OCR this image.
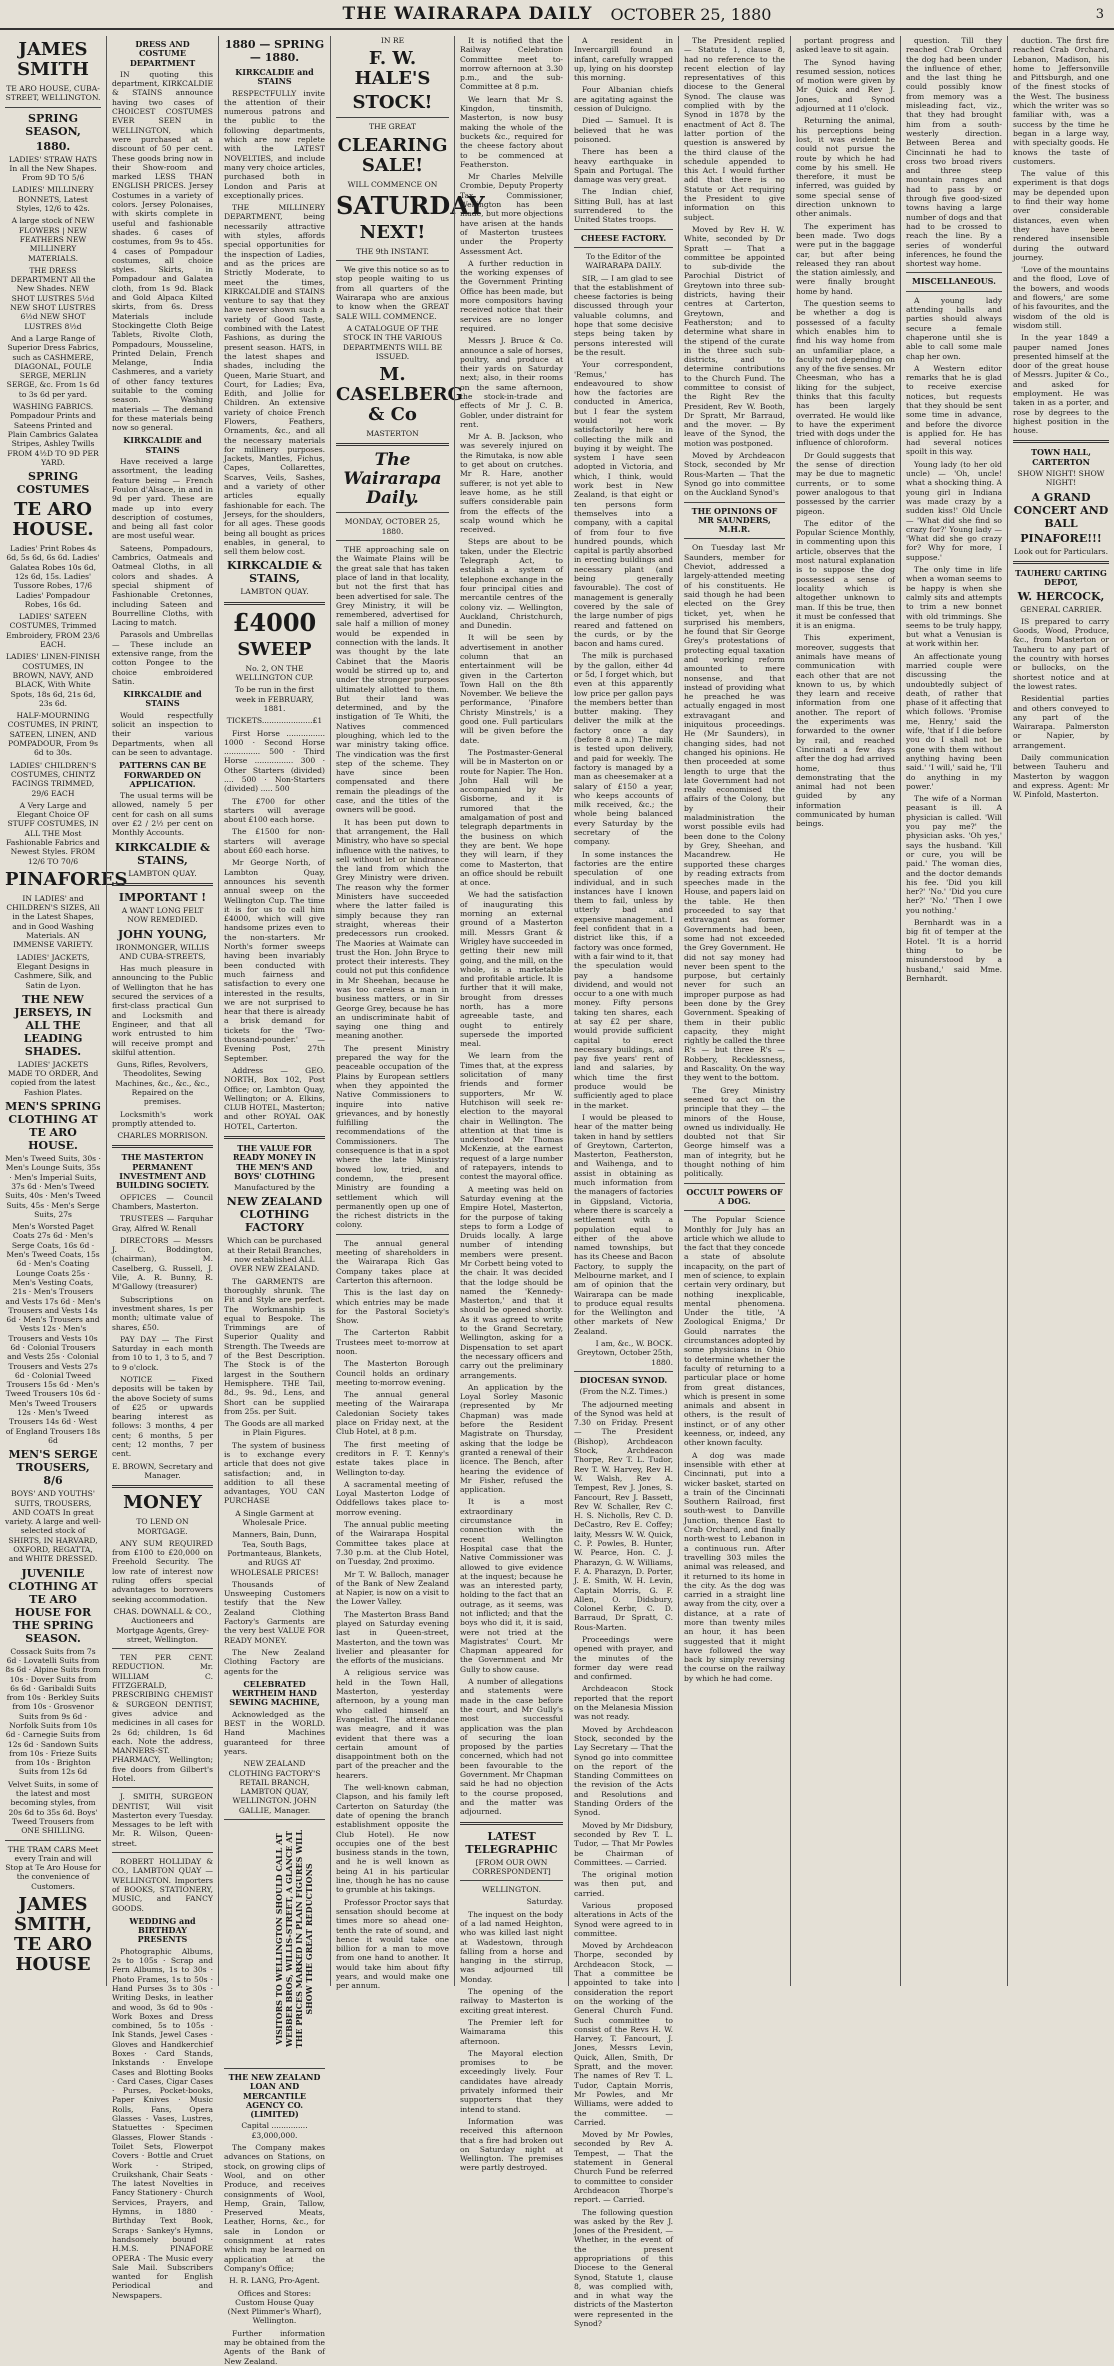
THE WAIRARAPA DAILY OCTOBER 25, 1880	3
JAMES SMITH

TE ARO HOUSE, CUBA-STREET, WELLINGTON.

SPRING SEASON,
1880.

LADIES' STRAW HATS In all the New Shapes. From 9D TO 5/6

LADIES' MILLINERY BONNETS, Latest Styles, 12/6 to 42s.

A large stock of NEW FLOWERS | NEW FEATHERS NEW MILLINERY MATERIALS.

THE DRESS DEPARTMENT All the New Shades. NEW SHOT LUSTRES 5½d NEW SHOT LUSTRES 6½d NEW SHOT LUSTRES 8½d

And a Large Range of Superior Dress Fabrics, such as CASHMERE, DIAGONAL, FOULE SERGE, MERLIN SERGE, &c. From 1s 6d to 3s 6d per yard.

WASHING FABRICS. Pompadour Prints and Sateens Printed and Plain Cambrics Galatea Stripes, Ashley Twills FROM 4½D TO 9D PER YARD.

SPRING COSTUMES
TE ARO HOUSE.

Ladies' Print Robes 4s 6d, 5s 6d, 6s 6d. Ladies' Galatea Robes 10s 6d, 12s 6d, 15s. Ladies' Tussore Robes, 17/6 Ladies' Pompadour Robes, 16s 6d.

LADIES' SATEEN COSTUMES, Trimmed Embroidery, FROM 23/6 EACH.

LADIES' LINEN-FINISH COSTUMES, IN BROWN, NAVY, AND BLACK, With White Spots, 18s 6d, 21s 6d, 23s 6d.

HALF-MOURNING COSTUMES, IN PRINT, SATEEN, LINEN, AND POMPADOUR, From 9s 6d to 30s.

LADIES' CHILDREN'S COSTUMES, CHINTZ FACINGS TRIMMED, 29/6 EACH

A Very Large and Elegant Choice OF STUFF COSTUMES, IN ALL THE Most Fashionable Fabrics and Newest Styles. FROM 12/6 TO 70/6

PINAFORES

IN LADIES' and CHILDREN'S SIZES, All in the Latest Shapes, and in Good Washing Materials. AN IMMENSE VARIETY.

LADIES' JACKETS, Elegant Designs in Cashmere, Silk, and Satin de Lyon.

THE NEW JERSEYS, IN ALL THE LEADING SHADES.

LADIES' JACKETS MADE TO ORDER, And copied from the latest Fashion Plates.

MEN'S SPRING CLOTHING AT TE ARO HOUSE.

Men's Tweed Suits, 30s · Men's Lounge Suits, 35s · Men's Imperial Suits, 37s 6d · Men's Tweed Suits, 40s · Men's Tweed Suits, 45s · Men's Serge Suits, 27s

Men's Worsted Paget Coats 27s 6d · Men's Serge Coats, 16s 6d · Men's Tweed Coats, 15s 6d · Men's Coating Lounge Coats 25s · Men's Vesting Coats, 21s · Men's Trousers and Vests 17s 6d · Men's Trousers and Vests 14s 6d · Men's Trousers and Vests 12s · Men's Trousers and Vests 10s 6d · Colonial Trousers and Vests 25s · Colonial Trousers and Vests 27s 6d · Colonial Tweed Trousers 15s 6d · Men's Tweed Trousers 10s 6d · Men's Tweed Trousers 12s · Men's Tweed Trousers 14s 6d · West of England Trousers 18s 6d

MEN'S SERGE TROUSERS, 8/6

BOYS' AND YOUTHS' SUITS, TROUSERS, AND COATS In great variety. A large and well-selected stock of SHIRTS, IN HARVARD, OXFORD, REGATTA, and WHITE DRESSED.

JUVENILE CLOTHING AT TE ARO HOUSE FOR THE SPRING SEASON.

Cossack Suits from 7s 6d · Lovatelli Suits from 8s 6d · Alpine Suits from 10s · Dover Suits from 6s 6d · Garibaldi Suits from 10s · Berkley Suits from 10s · Grosvenor Suits from 9s 6d · Norfolk Suits from 10s 6d · Carnegie Suits from 12s 6d · Sandown Suits from 10s · Frieze Suits from 10s · Brighton Suits from 12s 6d

Velvet Suits, in some of the latest and most becoming styles, from 20s 6d to 35s 6d. Boys' Tweed Trousers from ONE SHILLING.

THE TRAM CARS Meet every Train and will Stop at Te Aro House for the convenience of Customers.

JAMES SMITH, TE ARO HOUSE
DRESS AND COSTUME DEPARTMENT

IN quoting this department, KIRKCALDIE & STAINS announce having two cases of CHOICEST COSTUMES EVER SEEN in WELLINGTON, which were purchased at a discount of 50 per cent. These goods bring now in their Show-room and marked LESS THAN ENGLISH PRICES. Jersey Costumes in a variety of colors. Jersey Polonaises, with skirts complete in useful and fashionable shades. 6 cases of costumes, from 9s to 45s. 4 cases of Pompadour costumes, all choice styles. Skirts, in Pompadour and Galatea cloth, from 1s 9d. Black and Gold Alpaca Kilted skirts, from 6s. Dress Materials include Stockingette Cloth Beige Tablets, Rivolte Cloth, Pompadours, Mousseline, Printed Delain, French Melange, India Cashmeres, and a variety of other fancy textures suitable to the coming season. Washing materials — The demand for these materials being now so general.

KIRKCALDIE and STAINS

Have received a large assortment, the leading feature being — French Foulon d'Alsace, in and in 9d per yard. These are made up into every description of costumes, and being all fast color are most useful wear.

Sateens, Pompadours, Cambrics, Oatmeals and Oatmeal Cloths, in all colors and shades. A special shipment of Fashionable Cretonnes, including Sateen and Bourrelline Cloths, with Lacing to match.

Parasols and Umbrellas — These include an extensive range, from the cotton Pongee to the choice embroidered Satin.

KIRKCALDIE and STAINS

Would respectfully solicit an inspection to their various Departments, when all can be seen to advantage.

PATTERNS CAN BE FORWARDED ON APPLICATION.

The usual terms will be allowed, namely 5 per cent for cash on all sums over £2 / 2½ per cent on Monthly Accounts.

KIRKCALDIE & STAINS,

LAMBTON QUAY.

IMPORTANT !

A WANT LONG FELT NOW REMEDIED.

JOHN YOUNG,

IRONMONGER, WILLIS AND CUBA-STREETS,

Has much pleasure in announcing to the Public of Wellington that he has secured the services of a first-class practical Gun and Locksmith and Engineer, and that all work entrusted to him will receive prompt and skilful attention.

Guns, Rifles, Revolvers, Theodolites, Sewing Machines, &c., &c., &c., Repaired on the premises.

Locksmith's work promptly attended to.

CHARLES MORRISON.

THE MASTERTON PERMANENT INVESTMENT AND BUILDING SOCIETY.

OFFICES — Council Chambers, Masterton.

TRUSTEES — Farquhar Gray, Alfred W. Renall

DIRECTORS — Messrs J. C. Boddington, (chairman), M. Caselberg, G. Russell, J. Vile, A. R. Bunny, R. M'Gallowy (treasurer)

Subscriptions on investment shares, 1s per month; ultimate value of shares, £50.

PAY DAY — The First Saturday in each month from 10 to 1, 3 to 5, and 7 to 9 o'clock.

NOTICE — Fixed deposits will be taken by the above Society of sums of £25 or upwards bearing interest as follows: 3 months, 4 per cent; 6 months, 5 per cent; 12 months, 7 per cent.

E. BROWN, Secretary and Manager.

MONEY

TO LEND ON MORTGAGE.

ANY SUM REQUIRED from £100 to £20,000 on Freehold Security. The low rate of interest now ruling offers special advantages to borrowers seeking accommodation.

CHAS. DOWNALL & CO., Auctioneers and Mortgage Agents, Grey-street, Wellington.

TEN PER CENT. REDUCTION. Mr. WILLIAM C. FITZGERALD, PRESCRIBING CHEMIST & SURGEON DENTIST, gives advice and medicines in all cases for 2s 6d; children, 1s 6d each. Note the address, MANNERS-ST. PHARMACY, Wellington; five doors from Gilbert's Hotel.

J. SMITH, SURGEON DENTIST, Will visit Masterton every Tuesday. Messages to be left with Mr. R. Wilson, Queen-street.

ROBERT HOLLIDAY & CO., LAMBTON QUAY — WELLINGTON. Importers of BOOKS, STATIONERY, MUSIC, and FANCY GOODS.

WEDDING and BIRTHDAY PRESENTS

Photographic Albums, 2s to 105s · Scrap and Fern Albums, 1s to 30s · Photo Frames, 1s to 50s · Hand Purses 3s to 30s · Writing Desks, in leather and wood, 3s 6d to 90s · Work Boxes and Dress combined, 5s to 105s · Ink Stands, Jewel Cases · Gloves and Handkerchief Boxes · Card Stands, Inkstands · Envelope Cases and Blotting Books · Card Cases, Cigar Cases · Purses, Pocket-books, Paper Knives · Music Rolls, Fans, Opera Glasses · Vases, Lustres, Statuettes · Specimen Glasses, Flower Stands · Toilet Sets, Flowerpot Covers · Bottle and Cruet Work · Striped, Cruikshank, Chair Seats · The latest Novelties in Fancy Stationery · Church Services, Prayers, and Hymns, in 1880 · Birthday Text Book, Scraps · Sankey's Hymns, handsomely bound · H.M.S. PINAFORE OPERA · The Music every Sale Mail. Subscribers wanted for English Periodical and Newspapers.

1880 — SPRING — 1880.
KIRKCALDIE and STAINS

RESPECTFULLY invite the attention of their numerous patrons and the public to the following departments, which are now replete with the LATEST NOVELTIES, and include many very choice articles, purchased both in London and Paris at exceptionally prices.

THE MILLINERY DEPARTMENT, being necessarily attractive with styles, affords special opportunities for the inspection of Ladies, and as the prices are Strictly Moderate, to meet the times, KIRKCALDIE and STAINS venture to say that they have never shown such a variety of Good Taste, combined with the Latest Fashions, as during the present season. HATS, in the latest shapes and shades, including the Queen, Marie Stuart, and Court, for Ladies; Eva, Edith, and Jollie for Children. An extensive variety of choice French Flowers, Feathers, Ornaments, &c., and all the necessary materials for millinery purposes. Jackets, Mantles, Fichus, Capes, Collarettes, Scarves, Veils, Sashes, and a variety of other articles equally fashionable for each. The Jerseys, for the shoulders, for all ages. These goods being all bought as prices enables, in general, to sell them below cost.

KIRKCALDIE & STAINS,

LAMBTON QUAY.

£4000
SWEEP

No. 2, ON THE WELLINGTON CUP.

To be run in the first week in FEBRUARY, 1881.

TICKETS.....................£1

First Horse ................ 1000 · Second Horse ............... 500 · Third Horse ................ 300 · Other Starters (divided) .... 500 · Non-Starters (divided) ..... 500

The £700 for other starters will average about £100 each horse.

The £1500 for non-starters will average about £60 each horse.

Mr George North, of Lambton Quay, announces his seventh annual sweep on the Wellington Cup. The time it is for us to call him £4000, which will give handsome prizes even to the non-starters. Mr North's former sweeps having been invariably been conducted with much fairness and satisfaction to every one interested in the results, we are not surprised to hear that there is already a brisk demand for tickets for the 'Two-thousand-pounder.' — Evening Post, 27th September.

Address — GEO. NORTH, Box 102, Post Office; or, Lambton Quay, Wellington; or A. Elkins, CLUB HOTEL, Masterton; and other ROYAL OAK HOTEL, Carterton.

THE VALUE FOR READY MONEY IN THE MEN'S AND BOYS' CLOTHING

Manufactured by the

NEW ZEALAND CLOTHING FACTORY

Which can be purchased at their Retail Branches, now established ALL OVER NEW ZEALAND.

The GARMENTS are thoroughly shrunk. The Fit and Style are perfect. The Workmanship is equal to Bespoke. The Trimmings are of Superior Quality and Strength. The Tweeds are of the Best Description. The Stock is of the largest in the Southern Hemisphere. THE Tail, 8d., 9s. 9d., Lens, and Short can be supplied from 25s. per Suit.

The Goods are all marked in Plain Figures.

The system of business is to exchange every article that does not give satisfaction; and, in addition to all these advantages, YOU CAN PURCHASE

A Single Garment at Wholesale Price.

Manners, Bain, Dunn, Tea, South Bags, Portmanteaus, Blankets, and RUGS AT WHOLESALE PRICES!

Thousands of Unsweeping Customers testify that the New Zealand Clothing Factory's Garments are the very best VALUE FOR READY MONEY.

The New Zealand Clothing Factory are agents for the

CELEBRATED WERTHEIM HAND SEWING MACHINE,

Acknowledged as the BEST in the WORLD. Hand Machines guaranteed for three years.

NEW ZEALAND CLOTHING FACTORY'S RETAIL BRANCH, LAMBTON QUAY, WELLINGTON. JOHN GALLIE, Manager.

VISITORS TO WELLINGTON SHOULD CALL AT WEBBER BROS, WILLIS-STREET, A GLANCE AT THE PRICES MARKED IN PLAIN FIGURES WILL SHOW THE GREAT REDUCTIONS
THE NEW ZEALAND LOAN AND MERCANTILE AGENCY CO. (LIMITED)

Capital ............... £3,000,000.

The Company makes advances on Stations, on stock, on growing clips of Wool, and on other Produce, and receives consignments of Wool, Hemp, Grain, Tallow, Preserved Meats, Leather, Horns, &c., for sale in London or consignment at rates which may be learned on application at the Company's Office;

H. R. LANG, Pro-Agent.

Offices and Stores: Custom House Quay (Next Plimmer's Wharf), Wellington.

Further information may be obtained from the Agents of the Bank of New Zealand.

IN RE

F. W. HALE'S
STOCK!

THE GREAT

CLEARING SALE!

WILL COMMENCE ON

SATURDAY
NEXT!

THE 9th INSTANT.

We give this notice so as to stop people waiting to us from all quarters of the Wairarapa who are anxious to know when the GREAT SALE WILL COMMENCE.

A CATALOGUE OF THE STOCK IN THE VARIOUS DEPARTMENTS WILL BE ISSUED.

M. CASELBERG & Co

MASTERTON

The Wairarapa Daily.

MONDAY, OCTOBER 25, 1880.

THE approaching sale on the Waimate Plains will be the great sale that has taken place of land in that locality, but not the first that has been advertised for sale. The Grey Ministry, it will be remembered, advertised for sale half a million of money would be expended in connection with the lands. It was thought by the late Cabinet that the Maoris would be stirred up to, and under the stronger purposes ultimately allotted to them. But their land was determined, and by the instigation of Te Whiti, the Natives commenced ploughing, which led to the war ministry taking office. The vindication was the first step of the scheme. They have since been compensated and there remain the pleadings of the case, and the titles of the owners will be good.

It has been put down to that arrangement, the Hall Ministry, who have so special influence with the natives, to sell without let or hindrance the land from which the Grey Ministry were driven. The reason why the former Ministers have succeeded where the latter failed is simply because they ran straight, whereas their predecessors run crooked. The Maories at Waimate can trust the Hon. John Bryce to protect their interests. They could not put this confidence in Mr Sheehan, because he was too careless a man in business matters, or in Sir George Grey, because he has an undiscriminate habit of saying one thing and meaning another.

The present Ministry prepared the way for the peaceable occupation of the Plains by European settlers when they appointed the Native Commissioners to inquire into native grievances, and by honestly fulfilling the recommendations of the Commissioners. The consequence is that in a spot where the late Ministry bowed low, tried, and condemn, the present Ministry are founding a settlement which will permanently open up one of the richest districts in the colony.

The annual general meeting of shareholders in the Wairarapa Rich Gas Company takes place at Carterton this afternoon.

This is the last day on which entries may be made for the Pastoral Society's Show.

The Carterton Rabbit Trustees meet to-morrow at noon.

The Masterton Borough Council holds an ordinary meeting to-morrow evening.

The annual general meeting of the Wairarapa Caledonian Society takes place on Friday next, at the Club Hotel, at 8 p.m.

The first meeting of creditors in F. T. Kenny's estate takes place in Wellington to-day.

A sacramental meeting of Loyal Masterton Lodge of Oddfellows takes place to-morrow evening.

The annual public meeting of the Wairarapa Hospital Committee takes place at 7.30 p.m. at the Club Hotel, on Tuesday, 2nd proximo.

Mr T. W. Balloch, manager of the Bank of New Zealand at Napier, is now on a visit to the Lower Valley.

The Masterton Brass Band played on Saturday evening last in Queen-street, Masterton, and the town was livelier and pleasanter for the efforts of the musicians.

A religious service was held in the Town Hall, Masterton, yesterday afternoon, by a young man who called himself an Evangelist. The attendance was meagre, and it was evident that there was a certain amount of disappointment both on the part of the preacher and the hearers.

The well-known cabman, Clapson, and his family left Carterton on Saturday (the date of opening the branch establishment opposite the Club Hotel). He now occupies one of the best business stands in the town, and he is well known as being A1 in his particular line, though he has no cause to grumble at his takings.

Professor Proctor says that sensation should become at times more so ahead one-tenth the rate of sound, and hence it would take one billion for a man to move from one hand to another. It would take him about fifty years, and would make one per annum.

It is notified that the Railway Celebration Committee meet to-morrow afternoon at 3.30 p.m., and the sub-Committee at 8 p.m.

We learn that Mr S. Kingdon, tinsmith, Masterton, is now busy making the whole of the buckets &c., required for the cheese factory about to be commenced at Featherston.

Mr Charles Melville Crombie, Deputy Property Tax Commissioner, Wellington has been made, but more objections have arisen at the hands of Masterton trustees under the Property Assessment Act.

A further reduction in the working expenses of the Government Printing Office has been made, but more compositors having received notice that their services are no longer required.

Messrs J. Bruce & Co. announce a sale of horses, poultry, and produce at their yards on Saturday next; also, in their rooms on the same afternoon, the stock-in-trade and effects of Mr J. C. B. Gobler, under distraint for rent.

Mr A. B. Jackson, who was severely injured on the Rimutaka, is now able to get about on crutches. Mr R. Hare, another sufferer, is not yet able to leave home, as he still suffers considerable pain from the effects of the scalp wound which he received.

Steps are about to be taken, under the Electric Telegraph Act, to establish a system of telephone exchange in the four principal cities and mercantile centres of the colony viz. — Wellington, Auckland, Christchurch, and Dunedin.

It will be seen by advertisement in another column that an entertainment will be given in the Carterton Town Hall on the 8th November. We believe the performance, 'Pinafore Christy Minstrels,' is a good one. Full particulars will be given before the date.

The Postmaster-General will be in Masterton on or route for Napier. The Hon. John Hall will be accompanied by Mr Gisborne, and it is rumored that the amalgamation of post and telegraph departments in the business on which they are bent. We hope they will learn, if they come to Masterton, that an office should be rebuilt at once.

We had the satisfaction of inaugurating this morning an external ground of a Masterton mill. Messrs Grant & Wrigley have succeeded in getting their new mill going, and the mill, on the whole, is a marketable and profitable article. It is further that it will make, brought from dresses north, has a more agreeable taste, and ought to entirely supersede the imported meal.

We learn from the Times that, at the express solicitation of many friends and former supporters, Mr W. Hutchison will seek re-election to the mayoral chair in Wellington. The attention at that time is understood Mr Thomas McKenzie, at the earnest request of a large number of ratepayers, intends to contest the mayoral office.

A meeting was held on Saturday evening at the Empire Hotel, Masterton, for the purpose of taking steps to form a Lodge of Druids locally. A large number of intending members were present. Mr Corbett being voted to the chair. It was decided that the lodge should be named the 'Kennedy-Masterton,' and that it should be opened shortly. As it was agreed to write to the Grand Secretary, Wellington, asking for a Dispensation to set apart the necessary officers and carry out the preliminary arrangements.

An application by the Loyal Sorley Masonic (represented by Mr Chapman) was made before the Resident Magistrate on Thursday, asking that the lodge be granted a renewal of their licence. The Bench, after hearing the evidence of Mr Fisher, refused the application.

It is a most extraordinary circumstance in connection with the recent Wellington Hospital case that the Native Commissioner was allowed to give evidence at the inquest; because he was an interested party, holding to the fact that an outrage, as it seems, was not inflicted; and that the boys who did it, it is said, were not tried at the Magistrates' Court. Mr Chapman appeared for the Government and Mr Gully to show cause.

A number of allegations and statements were made in the case before the court, and Mr Gully's most successful application was the plan of securing the loan proposed by the parties concerned, which had not been favourable to the Government. Mr Chapman said he had no objection to the course proposed, and the matter was adjourned.

LATEST TELEGRAPHIC

[FROM OUR OWN CORRESPONDENT]

WELLINGTON.

Saturday.

The inquest on the body of a lad named Heighton, who was killed last night at Wadestown, through falling from a horse and hanging in the stirrup, was adjourned till Monday.

The opening of the railway to Masterton is exciting great interest.

The Premier left for Waimarama this afternoon.

The Mayoral election promises to be exceedingly lively. Four candidates have already privately informed their supporters that they intend to stand.

Information was received this afternoon that a fire had broken out on Saturday night at Wellington. The premises were partly destroyed.

A resident in Invercargill found an infant, carefully wrapped up, lying on his doorstep this morning.

Four Albanian chiefs are agitating against the cession of Dulcigno.

Died — Samuel. It is believed that he was poisoned.

There has been a heavy earthquake in Spain and Portugal. The damage was very great.

The Indian chief, Sitting Bull, has at last surrendered to the United States troops.

CHEESE FACTORY.

To the Editor of the WAIRARAPA DAILY.

SIR, — I am glad to see that the establishment of cheese factories is being discussed through your valuable columns, and hope that some decisive steps being taken by persons interested will be the result.

Your correspondent, 'Remus,' has endeavoured to show how the factories are conducted in America, but I fear the system would not work satisfactorily here in collecting the milk and buying it by weight. The system I have seen adopted in Victoria, and which, I think, would work best in New Zealand, is that eight or ten persons form themselves into a company, with a capital of from four to five hundred pounds, which capital is partly absorbed in erecting buildings and necessary plant (and being generally favourable). The cost of management is generally covered by the sale of the large number of pigs reared and fattened on the curds, or by the bacon and hams cured.

The milk is purchased by the gallon, either 4d or 5d, I forget which, but even at this apparently low price per gallon pays the members better than butter making. They deliver the milk at the factory once a day (before 8 a.m.) The milk is tested upon delivery, and paid for weekly. The factory is managed by a man as cheesemaker at a salary of £150 a year, who keeps accounts of milk received, &c.; the whole being balanced every Saturday by the secretary of the company.

In some instances the factories are the entire speculation of one individual, and in such instances have I known them to fail, unless by utterly bad and expensive management. I feel confident that in a district like this, if a factory was once formed, with a fair wind to it, that the speculation would pay a handsome dividend, and would not occur to a one with much money. Fifty persons taking ten shares, each at say £2 per share, would provide sufficient capital to erect necessary buildings, and pay five years' rent of land and salaries, by which time the first produce would be sufficiently aged to place in the market.

I would be pleased to hear of the matter being taken in hand by settlers of Greytown, Carterton, Masterton, Featherston, and Waihenga, and to assist in obtaining as much information from the managers of factories in Gippsland, Victoria, where there is scarcely a settlement with a population equal to either of the above named townships, but has its Cheese and Bacon Factory, to supply the Melbourne market, and I am of opinion that the Wairarapa can be made to produce equal results for the Wellington and other markets of New Zealand.

I am, &c., W. BOCK. Greytown, October 25th, 1880.

DIOCESAN SYNOD.

(From the N.Z. Times.)

The adjourned meeting of the Synod was held at 7.30 on Friday. Present — The President (Bishop), Archdeacon Stock, Archdeacon Thorpe, Rev T. L. Tudor, Rev T. W. Harvey, Rev H. W. Walsh, Rev A. Tempest, Rev J. Jones, S. Fancourt, Rev J. Bassett, Rev W. Schaller, Rev C. H. S. Nicholls, Rev C. D. DeCastro, Rev E. Coffey; laity, Messrs W. W. Quick, C. P. Powles, B. Hunter, W. Pearce, Hon. C. J. Pharazyn, G. W. Williams, F. A. Pharazyn, D. Porter, J. E. Smith, W. H. Levin, Captain Morris, G. F. Allen, O. Didsbury, Colonel Kerbr, C. D. Barraud, Dr Spratt, C. Rous-Marten.

Proceedings were opened with prayer, and the minutes of the former day were read and confirmed.

Archdeacon Stock reported that the report on the Melanesia Mission was not ready.

Moved by Archdeacon Stock, seconded by the Lay Secretary — That the Synod go into committee on the report of the Standing Committees on the revision of the Acts and Resolutions and Standing Orders of the Synod.

Moved by Mr Didsbury, seconded by Rev T. L. Tudor, — That Mr Powles be Chairman of Committees. — Carried.

The original motion was then put, and carried.

Various proposed alterations in Acts of the Synod were agreed to in committee.

Moved by Archdeacon Thorpe, seconded by Archdeacon Stock, — That a committee be appointed to take into consideration the report on the working of the General Church Fund. Such committee to consist of the Revs H. W. Harvey, T. Fancourt, J. Jones, Messrs Levin, Quick, Allen, Smith, Dr Spratt, and the mover. The names of Rev T. L. Tudor, Captain Morris, Mr Powles, and Mr Williams, were added to the committee. — Carried.

Moved by Mr Powles, seconded by Rev A. Tempest, — That the statement in General Church Fund be referred to committee to consider Archdeacon Thorpe's report. — Carried.

The following question was asked by the Rev J. Jones of the President, — Whether, in the event of the present appropriations of this Diocese to the General Synod, Statute 1, clause 8, was complied with, and in what way the districts of the Masterton were represented in the Synod?

The President replied — Statute 1, clause 8, had no reference to the recent election of lay representatives of this diocese to the General Synod. The clause was complied with by the Synod in 1878 by the enactment of Act 8. The latter portion of the question is answered by the third clause of the schedule appended to this Act. I would further add that there is no Statute or Act requiring the President to give information on this subject.

Moved by Rev H. W. White, seconded by Dr Spratt — That a committee be appointed to sub-divide the Parochial District of Greytown into three sub-districts, having their centres at Carterton, Greytown, and Featherston; and to determine what share in the stipend of the curate in the three such sub-districts, and to determine contributions to the Church Fund. The committee to consist of the Right Rev the President, Rev W. Booth, Dr Spratt, Mr Barraud, and the mover. — By leave of the Synod, the motion was postponed.

Moved by Archdeacon Stock, seconded by Mr Rous-Marten — That the Synod go into committee on the Auckland Synod's

THE OPINIONS OF MR SAUNDERS, M.H.R.

On Tuesday last Mr Saunders, member for Cheviot, addressed a largely-attended meeting of his constituents. He said though he had been elected on the Grey ticket, yet, when he surprised his members, he found that Sir George Grey's protestations of protecting equal taxation and working reform amounted to mere nonsense, and that instead of providing what he preached he was actually engaged in most extravagant and iniquitous proceedings. He (Mr Saunders), in changing sides, had not changed his opinions. He then proceeded at some length to urge that the late Government had not really economised the affairs of the Colony, but by their maladministration the worst possible evils had been done to the Colony by Grey, Sheehan, and Macandrew. He supported these charges by reading extracts from speeches made in the House, and papers laid on the table. He then proceeded to say that extravagant as former Governments had been, some had not exceeded the Grey Government. He did not say money had never been spent to the purpose, but certainly never for such an improper purpose as had been done by the Grey Government. Speaking of them in their public capacity, they might rightly be called the three R's — but three R's — Robbery, Recklessness, and Rascality. On the way they went to the bottom.

The Grey Ministry seemed to act on the principle that they — the minors of the House, owned us individually. He doubted not that Sir George himself was a man of integrity, but he thought nothing of him politically.

OCCULT POWERS OF A DOG.

The Popular Science Monthly for July has an article which we allude to the fact that they concede a state of absolute incapacity, on the part of men of science, to explain certain very ordinary, but nothing inexplicable, mental phenomena. Under the title, 'A Zoological Enigma,' Dr Gould narrates the circumstances adopted by some physicians in Ohio to determine whether the faculty of returning to a particular place or home from great distances, which is present in some animals and absent in others, is the result of instinct, or of any other keenness, or, indeed, any other known faculty.

A dog was made insensible with ether at Cincinnati, put into a wicker basket, started on a train of the Cincinnati Southern Railroad, first south-west to Danville Junction, thence East to Crab Orchard, and finally north-west to Lebanon in a continuous run. After travelling 303 miles the animal was released, and it returned to its home in the city. As the dog was carried in a straight line away from the city, over a distance, at a rate of more than twenty miles an hour, it has been suggested that it might have followed the way back by simply reversing the course on the railway by which he had come.

portant progress and asked leave to sit again.

The Synod having resumed session, notices of motion were given by Mr Quick and Rev J. Jones, and Synod adjourned at 11 o'clock.

Returning the animal, his perceptions being lost, it was evident he could not pursue the route by which he had come by his smell. He therefore, it must be inferred, was guided by some special sense of direction unknown to other animals.

The experiment has been made. Two dogs were put in the baggage car, but after being released they ran about the station aimlessly, and were finally brought home by hand.

The question seems to be whether a dog is possessed of a faculty which enables him to find his way home from an unfamiliar place, a faculty not depending on any of the five senses. Mr Cheesman, who has a liking for the subject, thinks that this faculty has been largely overrated. He would like to have the experiment tried with dogs under the influence of chloroform.

Dr Gould suggests that the sense of direction may be due to magnetic currents, or to some power analogous to that possessed by the carrier pigeon.

The editor of the Popular Science Monthly, in commenting upon this article, observes that the most natural explanation is to suppose the dog possessed a sense of locality which is altogether unknown to man. If this be true, then it must be confessed that it is an enigma.

This experiment, moreover, suggests that animals have means of communication with each other that are not known to us, by which they learn and receive information from one another. The report of the experiments was forwarded to the owner by rail, and reached Cincinnati a few days after the dog had arrived home, thus demonstrating that the animal had not been guided by any information communicated by human beings.

question. Till they reached Crab Orchard the dog had been under the influence of ether, and the last thing he could possibly know from memory was a misleading fact, viz., that they had brought him from a south-westerly direction. Between Berea and Cincinnati he had to cross two broad rivers and three steep mountain ranges and had to pass by or through five good-sized towns having a large number of dogs and that had to be crossed to reach the line. By a series of wonderful inferences, he found the shortest way home.

MISCELLANEOUS.

A young lady attending balls and parties should always secure a female chaperone until she is able to call some male chap her own.

A Western editor remarks that he is glad to receive exercise notices, but requests that they should be sent some time in advance, and before the divorce is applied for. He has had several notices spoilt in this way.

Young lady (to her old uncle) — 'Oh, uncle! what a shocking thing. A young girl in Indiana was made crazy by a sudden kiss!' Old Uncle — 'What did she find so crazy for?' Young lady — 'What did she go crazy for? Why for more, I suppose.'

The only time in life when a woman seems to be happy is when she calmly sits and attempts to trim a new bonnet with old trimmings. She seems to be truly happy, but what a Venusian is at work within her.

An affectionate young married couple were discussing the undoubtedly subject of death, of rather that phase of it affecting that which follows. 'Promise me, Henry,' said the wife, 'that if I die before you do I shall not be gone with them without anything having been said.' 'I will,' said he, 'I'll do anything in my power.'

The wife of a Norman peasant is ill. A physician is called. 'Will you pay me?' the physician asks. 'Oh yes,' says the husband. 'Kill or cure, you will be paid.' The woman dies, and the doctor demands his fee. 'Did you kill her?' 'No.' 'Did you cure her?' 'No.' 'Then I owe you nothing.'

Bernhardt was in a big fit of temper at the Hotel. 'It is a horrid thing to be misunderstood by a husband,' said Mme. Bernhardt.

duction. The first fire reached Crab Orchard, Lebanon, Madison, his home to Jeffersonville and Pittsburgh, and one of the finest stocks of the West. The business which the writer was so familiar with, was a success by the time he began in a large way, with specialty goods. He knows the taste of customers.

The value of this experiment is that dogs may be depended upon to find their way home over considerable distances, even when they have been rendered insensible during the outward journey.

'Love of the mountains and the flood, Love of the bowers, and woods and flowers,' are some of his favourites, and the wisdom of the old is wisdom still.

In the year 1849 a pauper named Jones presented himself at the door of the great house of Messrs. Jupiter & Co., and asked for employment. He was taken in as a porter, and rose by degrees to the highest position in the house.

TOWN HALL, CARTERTON

SHOW NIGHT! SHOW NIGHT!

A GRAND CONCERT AND BALL
PINAFORE!!!

Look out for Particulars.

TAUHERU CARTING DEPOT,
W. HERCOCK,

GENERAL CARRIER.

IS prepared to carry Goods, Wood, Produce, &c., from Masterton or Tauheru to any part of the country with horses or bullocks, on the shortest notice and at the lowest rates.

Residential parties and others conveyed to any part of the Wairarapa. Palmerston or Napier, by arrangement.

Daily communication between Tauheru and Masterton by waggon and express. Agent: Mr W. Pinfold, Masterton.
